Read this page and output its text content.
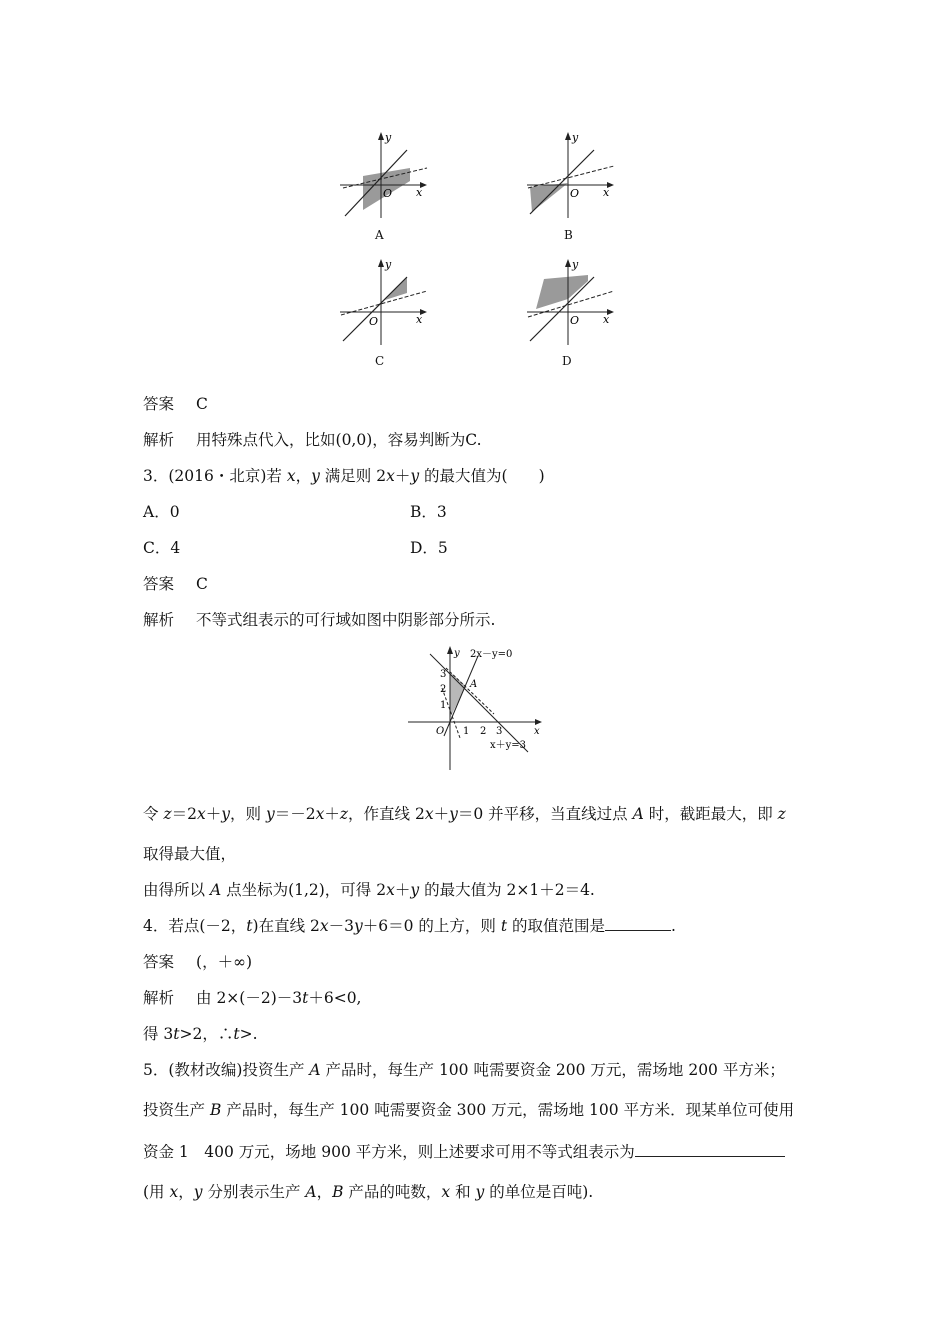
y
x
O
A
y
x
O
B
y
x
O
C
y
x
O
D
答案 C
解析 用特殊点代入，比如(0,0)，容易判断为C.
3．(2016・北京)若 x，y 满足则 2x＋y 的最大值为(　　)
A．0	B．3
C．4	D．5
答案 C
解析 不等式组表示的可行域如图中阴影部分所示.
y
x
O
A
2x－y=0
x＋y=3
1 2 3
1
2
3
令 z＝2x＋y，则 y＝－2x＋z，作直线 2x＋y＝0 并平移，当直线过点 A 时，截距最大，即 z
取得最大值，
由得所以 A 点坐标为(1,2)，可得 2x＋y 的最大值为 2×1＋2＝4.
4．若点(－2，t)在直线 2x－3y＋6＝0 的上方，则 t 的取值范围是	.
答案 (，＋∞)
解析 由 2×(－2)－3t＋6<0,
得 3t>2，∴t>.
5．(教材改编)投资生产 A 产品时，每生产 100 吨需要资金 200 万元，需场地 200 平方米；
投资生产 B 产品时，每生产 100 吨需要资金 300 万元，需场地 100 平方米．现某单位可使用
资金 1　400 万元，场地 900 平方米，则上述要求可用不等式组表示为
(用 x，y 分别表示生产 A，B 产品的吨数，x 和 y 的单位是百吨).
